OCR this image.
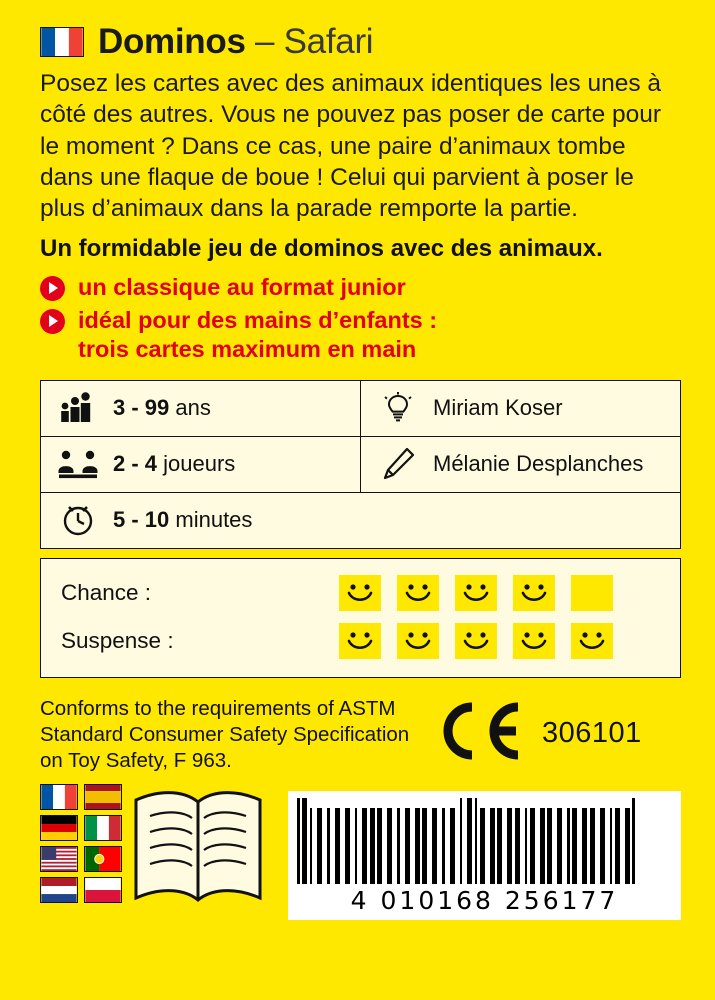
Dominos – Safari
Posez les cartes avec des animaux identiques les unes à côté des autres. Vous ne pouvez pas poser de carte pour le moment ? Dans ce cas, une paire d’animaux tombe dans une flaque de boue ! Celui qui parvient à poser le plus d’animaux dans la parade remporte la partie.
Un formidable jeu de dominos avec des animaux.
un classique au format junior
idéal pour des mains d’enfants :
trois cartes maximum en main
3 - 99 ans	Miriam Koser
2 - 4 joueurs	Mélanie Desplanches
5 - 10 minutes
Chance :
Suspense :
Conforms to the requirements of ASTM Standard Consumer Safety Specification on Toy Safety, F 963.
306101
4 010168 256177
